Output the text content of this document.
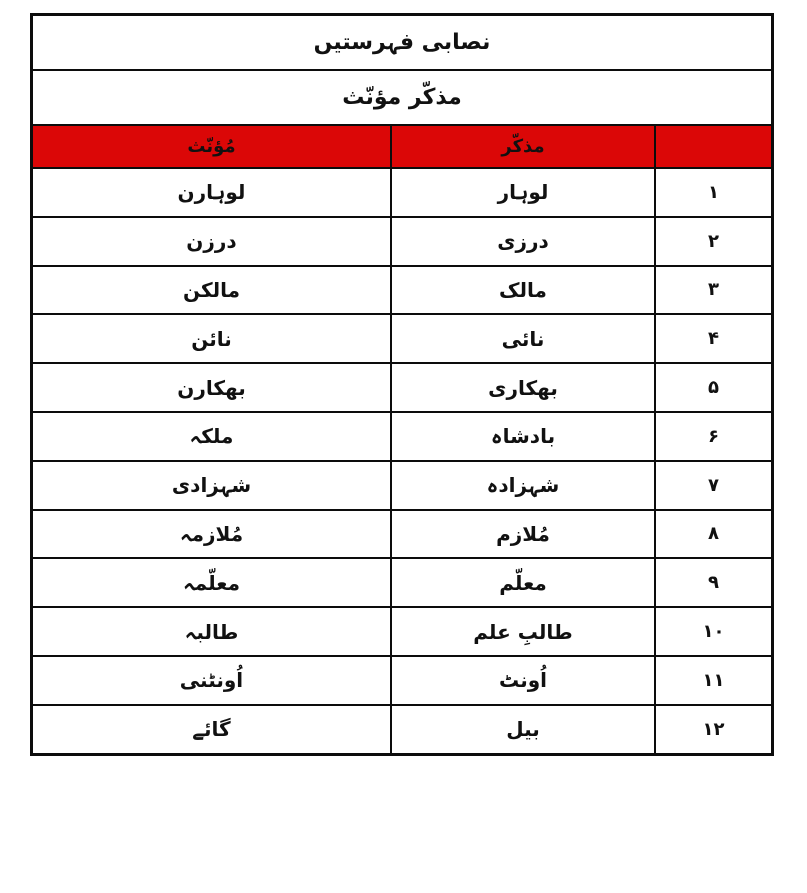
نصابی فہرستیں		
مذکّر مؤنّث		
	مذکّر	مُؤنّث
۱	لوہار	لوہارن
۲	درزی	درزن
۳	مالک	مالکن
۴	نائی	نائن
۵	بھکاری	بھکارن
۶	بادشاہ	ملکہ
۷	شہزادہ	شہزادی
۸	مُلازم	مُلازمہ
۹	معلّم	معلّمہ
۱۰	طالبِ علم	طالبہ
۱۱	اُونٹ	اُونٹنی
۱۲	بیل	گائے
